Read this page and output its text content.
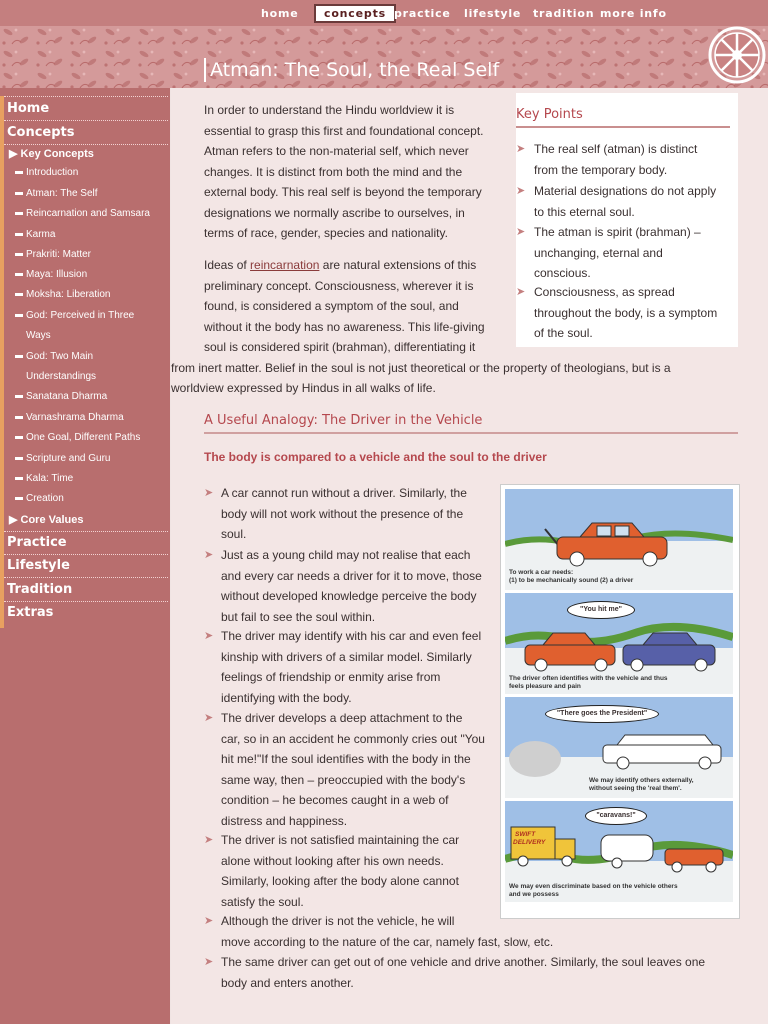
home	concepts practice lifestyle tradition more info
Atman: The Soul, the Real Self
Home
Concepts
▶ Key Concepts
Introduction
Atman: The Self
Reincarnation and Samsara
Karma
Prakriti: Matter
Maya: Illusion
Moksha: Liberation
God: Perceived in Three
Ways
God: Two Main
Understandings
Sanatana Dharma
Varnashrama Dharma
One Goal, Different Paths
Scripture and Guru
Kala: Time
Creation
▶ Core Values
Practice
Lifestyle
Tradition
Extras
In order to understand the Hindu worldview it is
essential to grasp this first and foundational concept.
Atman refers to the non-material self, which never
changes. It is distinct from both the mind and the
external body. This real self is beyond the temporary
designations we normally ascribe to ourselves, in
terms of race, gender, species and nationality.
Ideas of reincarnation are natural extensions of this
preliminary concept. Consciousness, wherever it is
found, is considered a symptom of the soul, and
without it the body has no awareness. This life-giving
soul is considered spirit (brahman), differentiating it
from inert matter. Belief in the soul is not just theoretical or the property of theologians, but is a
worldview expressed by Hindus in all walks of life.
Key Points
➤ The real self (atman) is distinct
from the temporary body.
➤ Material designations do not apply
to this eternal soul.
➤ The atman is spirit (brahman) –
unchanging, eternal and
conscious.
➤ Consciousness, as spread
throughout the body, is a symptom
of the soul.
A Useful Analogy: The Driver in the Vehicle
The body is compared to a vehicle and the soul to the driver
➤ A car cannot run without a driver. Similarly, the
body will not work without the presence of the
soul.
➤ Just as a young child may not realise that each
and every car needs a driver for it to move, those
without developed knowledge perceive the body
but fail to see the soul within.
➤ The driver may identify with his car and even feel
kinship with drivers of a similar model. Similarly
feelings of friendship or enmity arise from
identifying with the body.
➤ The driver develops a deep attachment to the
car, so in an accident he commonly cries out "You
hit me!"If the soul identifies with the body in the
same way, then – preoccupied with the body's
condition – he becomes caught in a web of
distress and happiness.
➤ The driver is not satisfied maintaining the car
alone without looking after his own needs.
Similarly, looking after the body alone cannot
satisfy the soul.
➤ Although the driver is not the vehicle, he will
move according to the nature of the car, namely fast, slow, etc.
➤ The same driver can get out of one vehicle and drive another. Similarly, the soul leaves one
body and enters another.
To work a car needs:
(1) to be mechanically sound (2) a driver
"You hit me"
The driver often identifies with the vehicle and thus
feels pleasure and pain
"There goes the President"
We may identify others externally,
without seeing the 'real them'.
SWIFT
DELIVERY
"caravans!"
We may even discriminate based on the vehicle others
and we possess
